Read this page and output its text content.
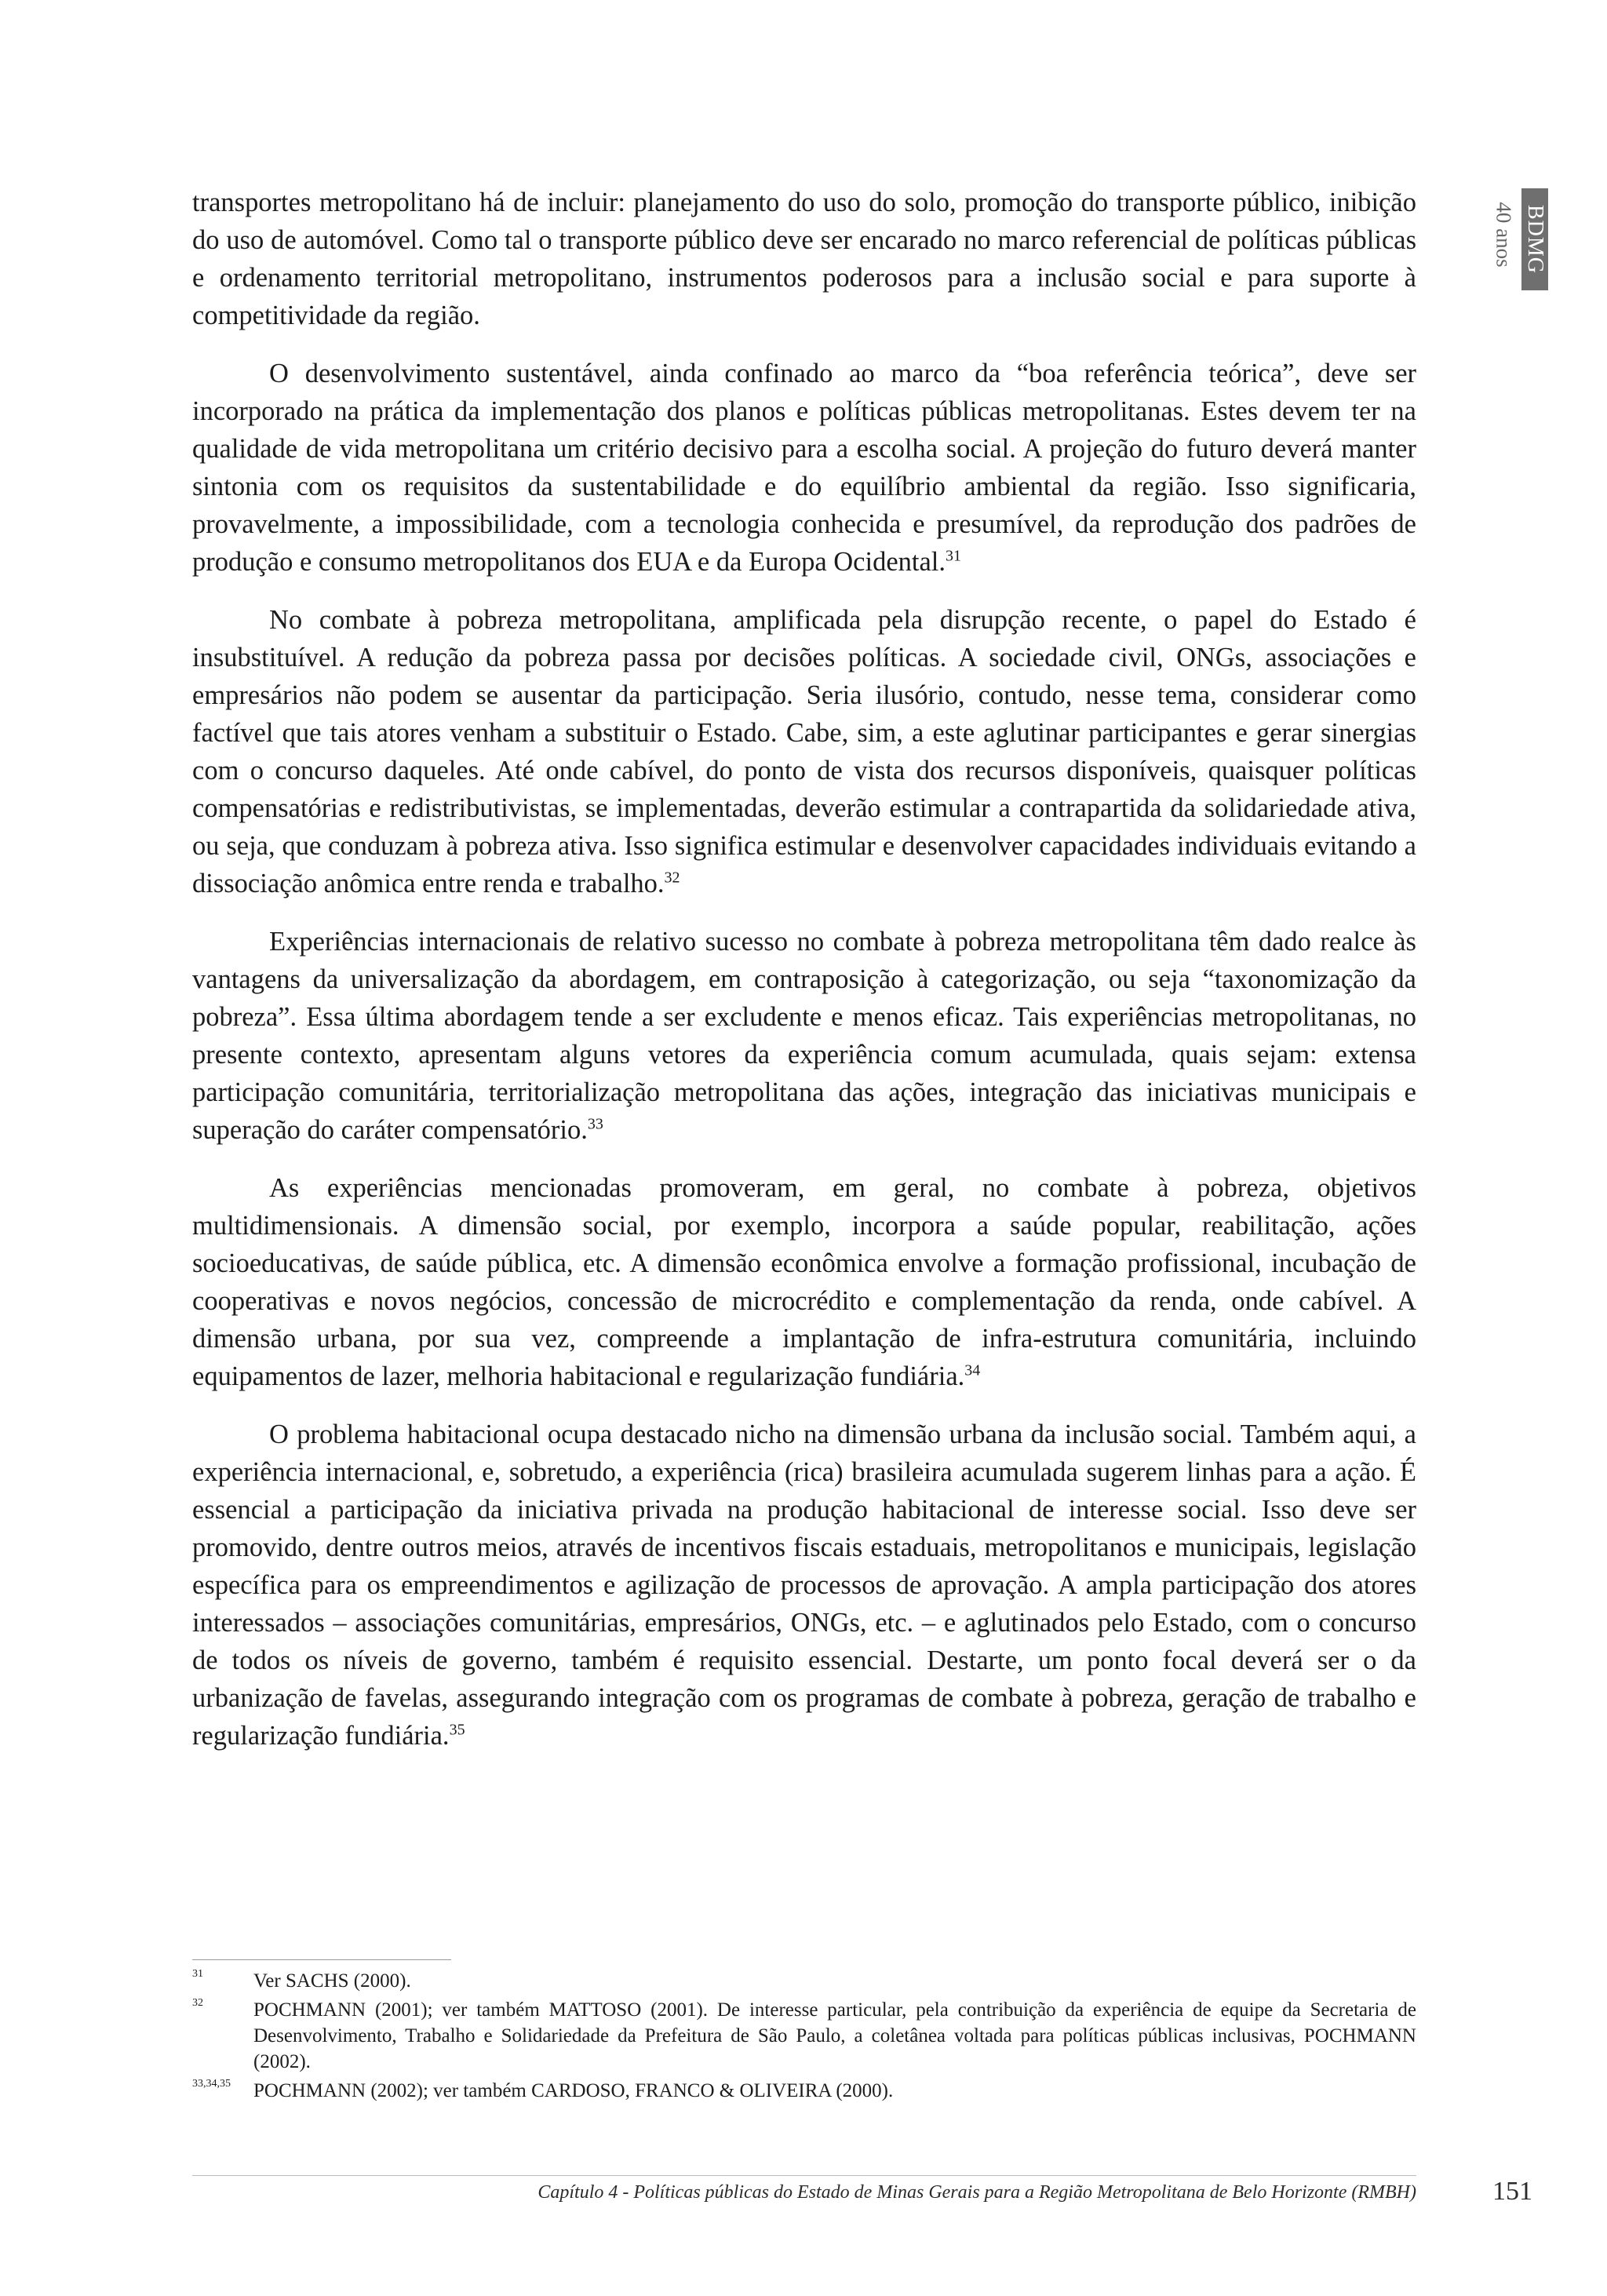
40 anos BDMG

transportes metropolitano há de incluir: planejamento do uso do solo, promoção do transporte público, inibição do uso de automóvel. Como tal o transporte público deve ser encarado no marco referencial de políticas públicas e ordenamento territorial metropolitano, instrumentos poderosos para a inclusão social e para suporte à competitividade da região.

O desenvolvimento sustentável, ainda confinado ao marco da “boa referência teórica”, deve ser incorporado na prática da implementação dos planos e políticas públicas metropolitanas. Estes devem ter na qualidade de vida metropolitana um critério decisivo para a escolha social. A projeção do futuro deverá manter sintonia com os requisitos da sustentabilidade e do equilíbrio ambiental da região. Isso significaria, provavelmente, a impossibilidade, com a tecnologia conhecida e presumível, da reprodução dos padrões de produção e consumo metropolitanos dos EUA e da Europa Ocidental.$^{31}$

No combate à pobreza metropolitana, amplificada pela disrupção recente, o papel do Estado é insubstituível. A redução da pobreza passa por decisões políticas. A sociedade civil, ONGs, associações e empresários não podem se ausentar da participação. Seria ilusório, contudo, nesse tema, considerar como factível que tais atores venham a substituir o Estado. Cabe, sim, a este aglutinar participantes e gerar sinergias com o concurso daqueles. Até onde cabível, do ponto de vista dos recursos disponíveis, quaisquer políticas compensatórias e redistributivistas, se implementadas, deverão estimular a contrapartida da solidariedade ativa, ou seja, que conduzam à pobreza ativa. Isso significa estimular e desenvolver capacidades individuais evitando a dissociação anômica entre renda e trabalho.$^{32}$

Experiências internacionais de relativo sucesso no combate à pobreza metropolitana têm dado realce às vantagens da universalização da abordagem, em contraposição à categorização, ou seja “taxonomização da pobreza”. Essa última abordagem tende a ser excludente e menos eficaz. Tais experiências metropolitanas, no presente contexto, apresentam alguns vetores da experiência comum acumulada, quais sejam: extensa participação comunitária, territorialização metropolitana das ações, integração das iniciativas municipais e superação do caráter compensatório.$^{33}$

As experiências mencionadas promoveram, em geral, no combate à pobreza, objetivos multidimensionais. A dimensão social, por exemplo, incorpora a saúde popular, reabilitação, ações socioeducativas, de saúde pública, etc. A dimensão econômica envolve a formação profissional, incubação de cooperativas e novos negócios, concessão de microcrédito e complementação da renda, onde cabível. A dimensão urbana, por sua vez, compreende a implantação de infra-estrutura comunitária, incluindo equipamentos de lazer, melhoria habitacional e regularização fundiária.$^{34}$

O problema habitacional ocupa destacado nicho na dimensão urbana da inclusão social. Também aqui, a experiência internacional, e, sobretudo, a experiência (rica) brasileira acumulada sugerem linhas para a ação. É essencial a participação da iniciativa privada na produção habitacional de interesse social. Isso deve ser promovido, dentre outros meios, através de incentivos fiscais estaduais, metropolitanos e municipais, legislação específica para os empreendimentos e agilização de processos de aprovação. A ampla participação dos atores interessados – associações comunitárias, empresários, ONGs, etc. – e aglutinados pelo Estado, com o concurso de todos os níveis de governo, também é requisito essencial. Destarte, um ponto focal deverá ser o da urbanização de favelas, assegurando integração com os programas de combate à pobreza, geração de trabalho e regularização fundiária.$^{35}$

31	Ver SACHS (2000).
32	POCHMANN (2001); ver também MATTOSO (2001). De interesse particular, pela contribuição da experiência de equipe da Secretaria de Desenvolvimento, Trabalho e Solidariedade da Prefeitura de São Paulo, a coletânea voltada para políticas públicas inclusivas, POCHMANN (2002).
33,34,35 POCHMANN (2002); ver também CARDOSO, FRANCO & OLIVEIRA (2000).
Capítulo 4 - Políticas públicas do Estado de Minas Gerais para a Região Metropolitana de Belo Horizonte (RMBH)	151
